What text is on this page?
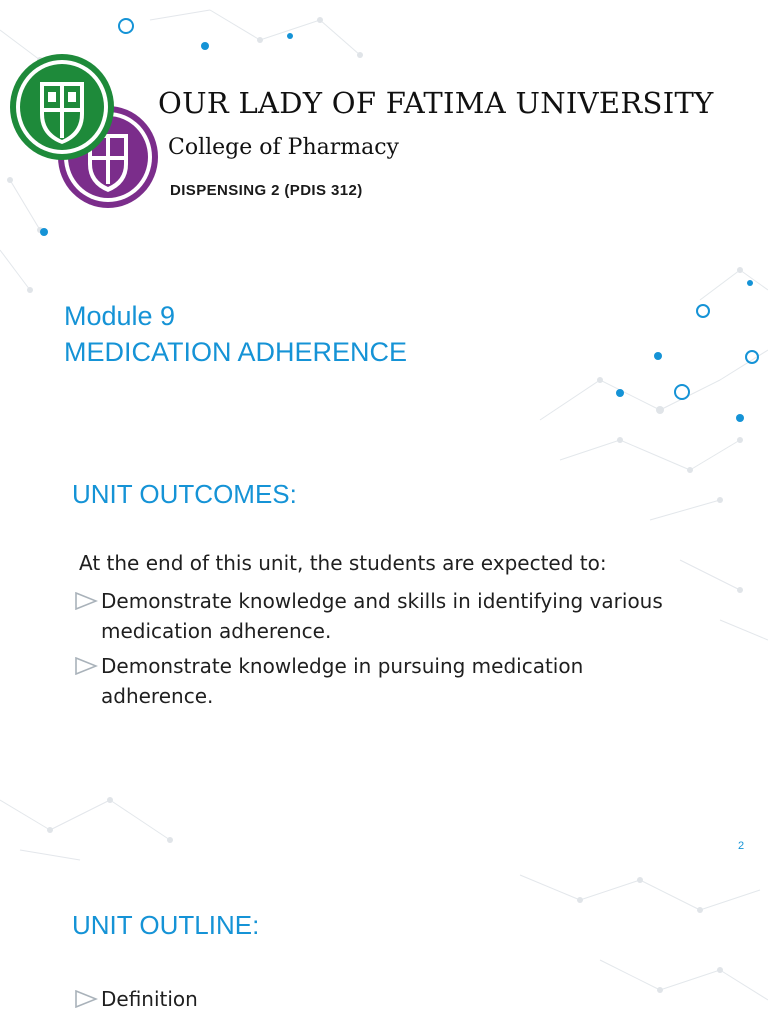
OUR LADY OF FATIMA UNIVERSITY
College of Pharmacy
DISPENSING 2 (PDIS 312)
Module 9
MEDICATION ADHERENCE
UNIT OUTCOMES:
At the end of this unit, the students are expected to:
Demonstrate knowledge and skills in identifying various medication adherence.
Demonstrate knowledge in pursuing medication adherence.
2
UNIT OUTLINE:
Definition
